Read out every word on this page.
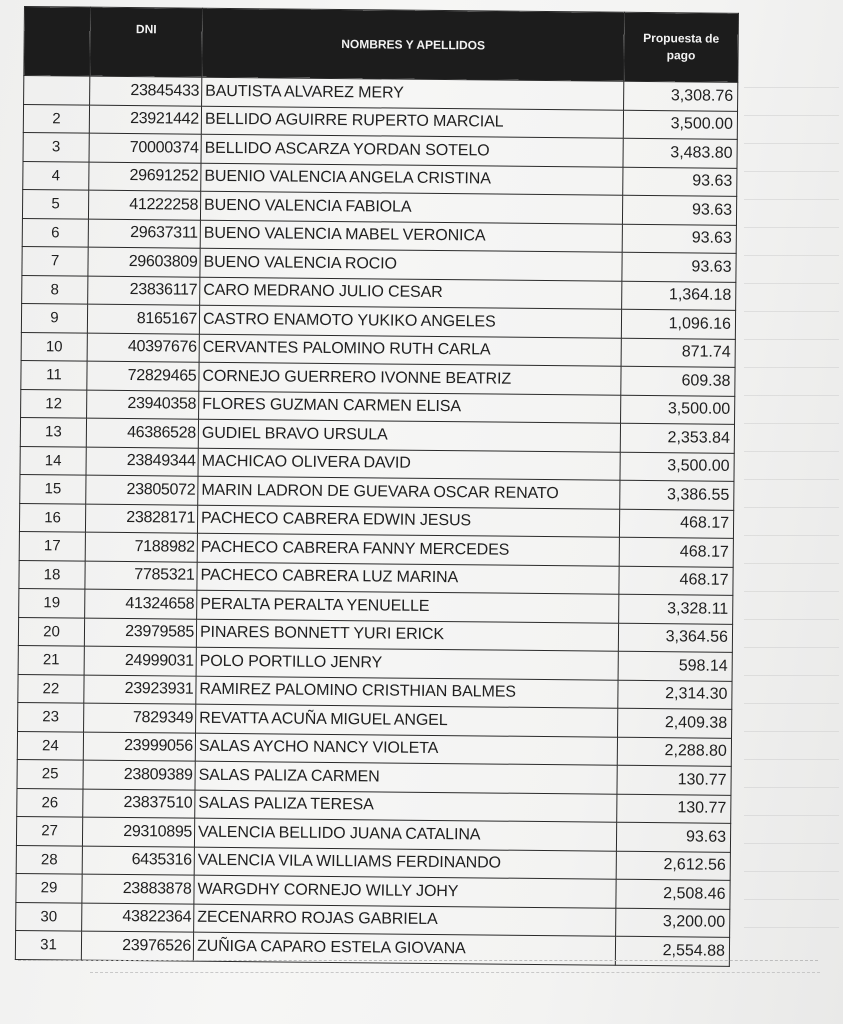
	DNI	NOMBRES Y APELLIDOS	Propuesta de
pago

	23845433	BAUTISTA ALVAREZ MERY	3,308.76
2	23921442	BELLIDO AGUIRRE RUPERTO MARCIAL	3,500.00
3	70000374	BELLIDO ASCARZA YORDAN SOTELO	3,483.80
4	29691252	BUENIO VALENCIA ANGELA CRISTINA	93.63
5	41222258	BUENO VALENCIA FABIOLA	93.63
6	29637311	BUENO VALENCIA MABEL VERONICA	93.63
7	29603809	BUENO VALENCIA ROCIO	93.63
8	23836117	CARO MEDRANO JULIO CESAR	1,364.18
9	8165167	CASTRO ENAMOTO YUKIKO ANGELES	1,096.16
10	40397676	CERVANTES PALOMINO RUTH CARLA	871.74
11	72829465	CORNEJO GUERRERO IVONNE BEATRIZ	609.38
12	23940358	FLORES GUZMAN CARMEN ELISA	3,500.00
13	46386528	GUDIEL BRAVO URSULA	2,353.84
14	23849344	MACHICAO OLIVERA DAVID	3,500.00
15	23805072	MARIN LADRON DE GUEVARA OSCAR RENATO	3,386.55
16	23828171	PACHECO CABRERA EDWIN JESUS	468.17
17	7188982	PACHECO CABRERA FANNY MERCEDES	468.17
18	7785321	PACHECO CABRERA LUZ MARINA	468.17
19	41324658	PERALTA PERALTA YENUELLE	3,328.11
20	23979585	PINARES BONNETT YURI ERICK	3,364.56
21	24999031	POLO PORTILLO JENRY	598.14
22	23923931	RAMIREZ PALOMINO CRISTHIAN BALMES	2,314.30
23	7829349	REVATTA ACUÑA MIGUEL ANGEL	2,409.38
24	23999056	SALAS AYCHO NANCY VIOLETA	2,288.80
25	23809389	SALAS PALIZA CARMEN	130.77
26	23837510	SALAS PALIZA TERESA	130.77
27	29310895	VALENCIA BELLIDO JUANA CATALINA	93.63
28	6435316	VALENCIA VILA WILLIAMS FERDINANDO	2,612.56
29	23883878	WARGDHY CORNEJO WILLY JOHY	2,508.46
30	43822364	ZECENARRO ROJAS GABRIELA	3,200.00
31	23976526	ZUÑIGA CAPARO ESTELA GIOVANA	2,554.88
